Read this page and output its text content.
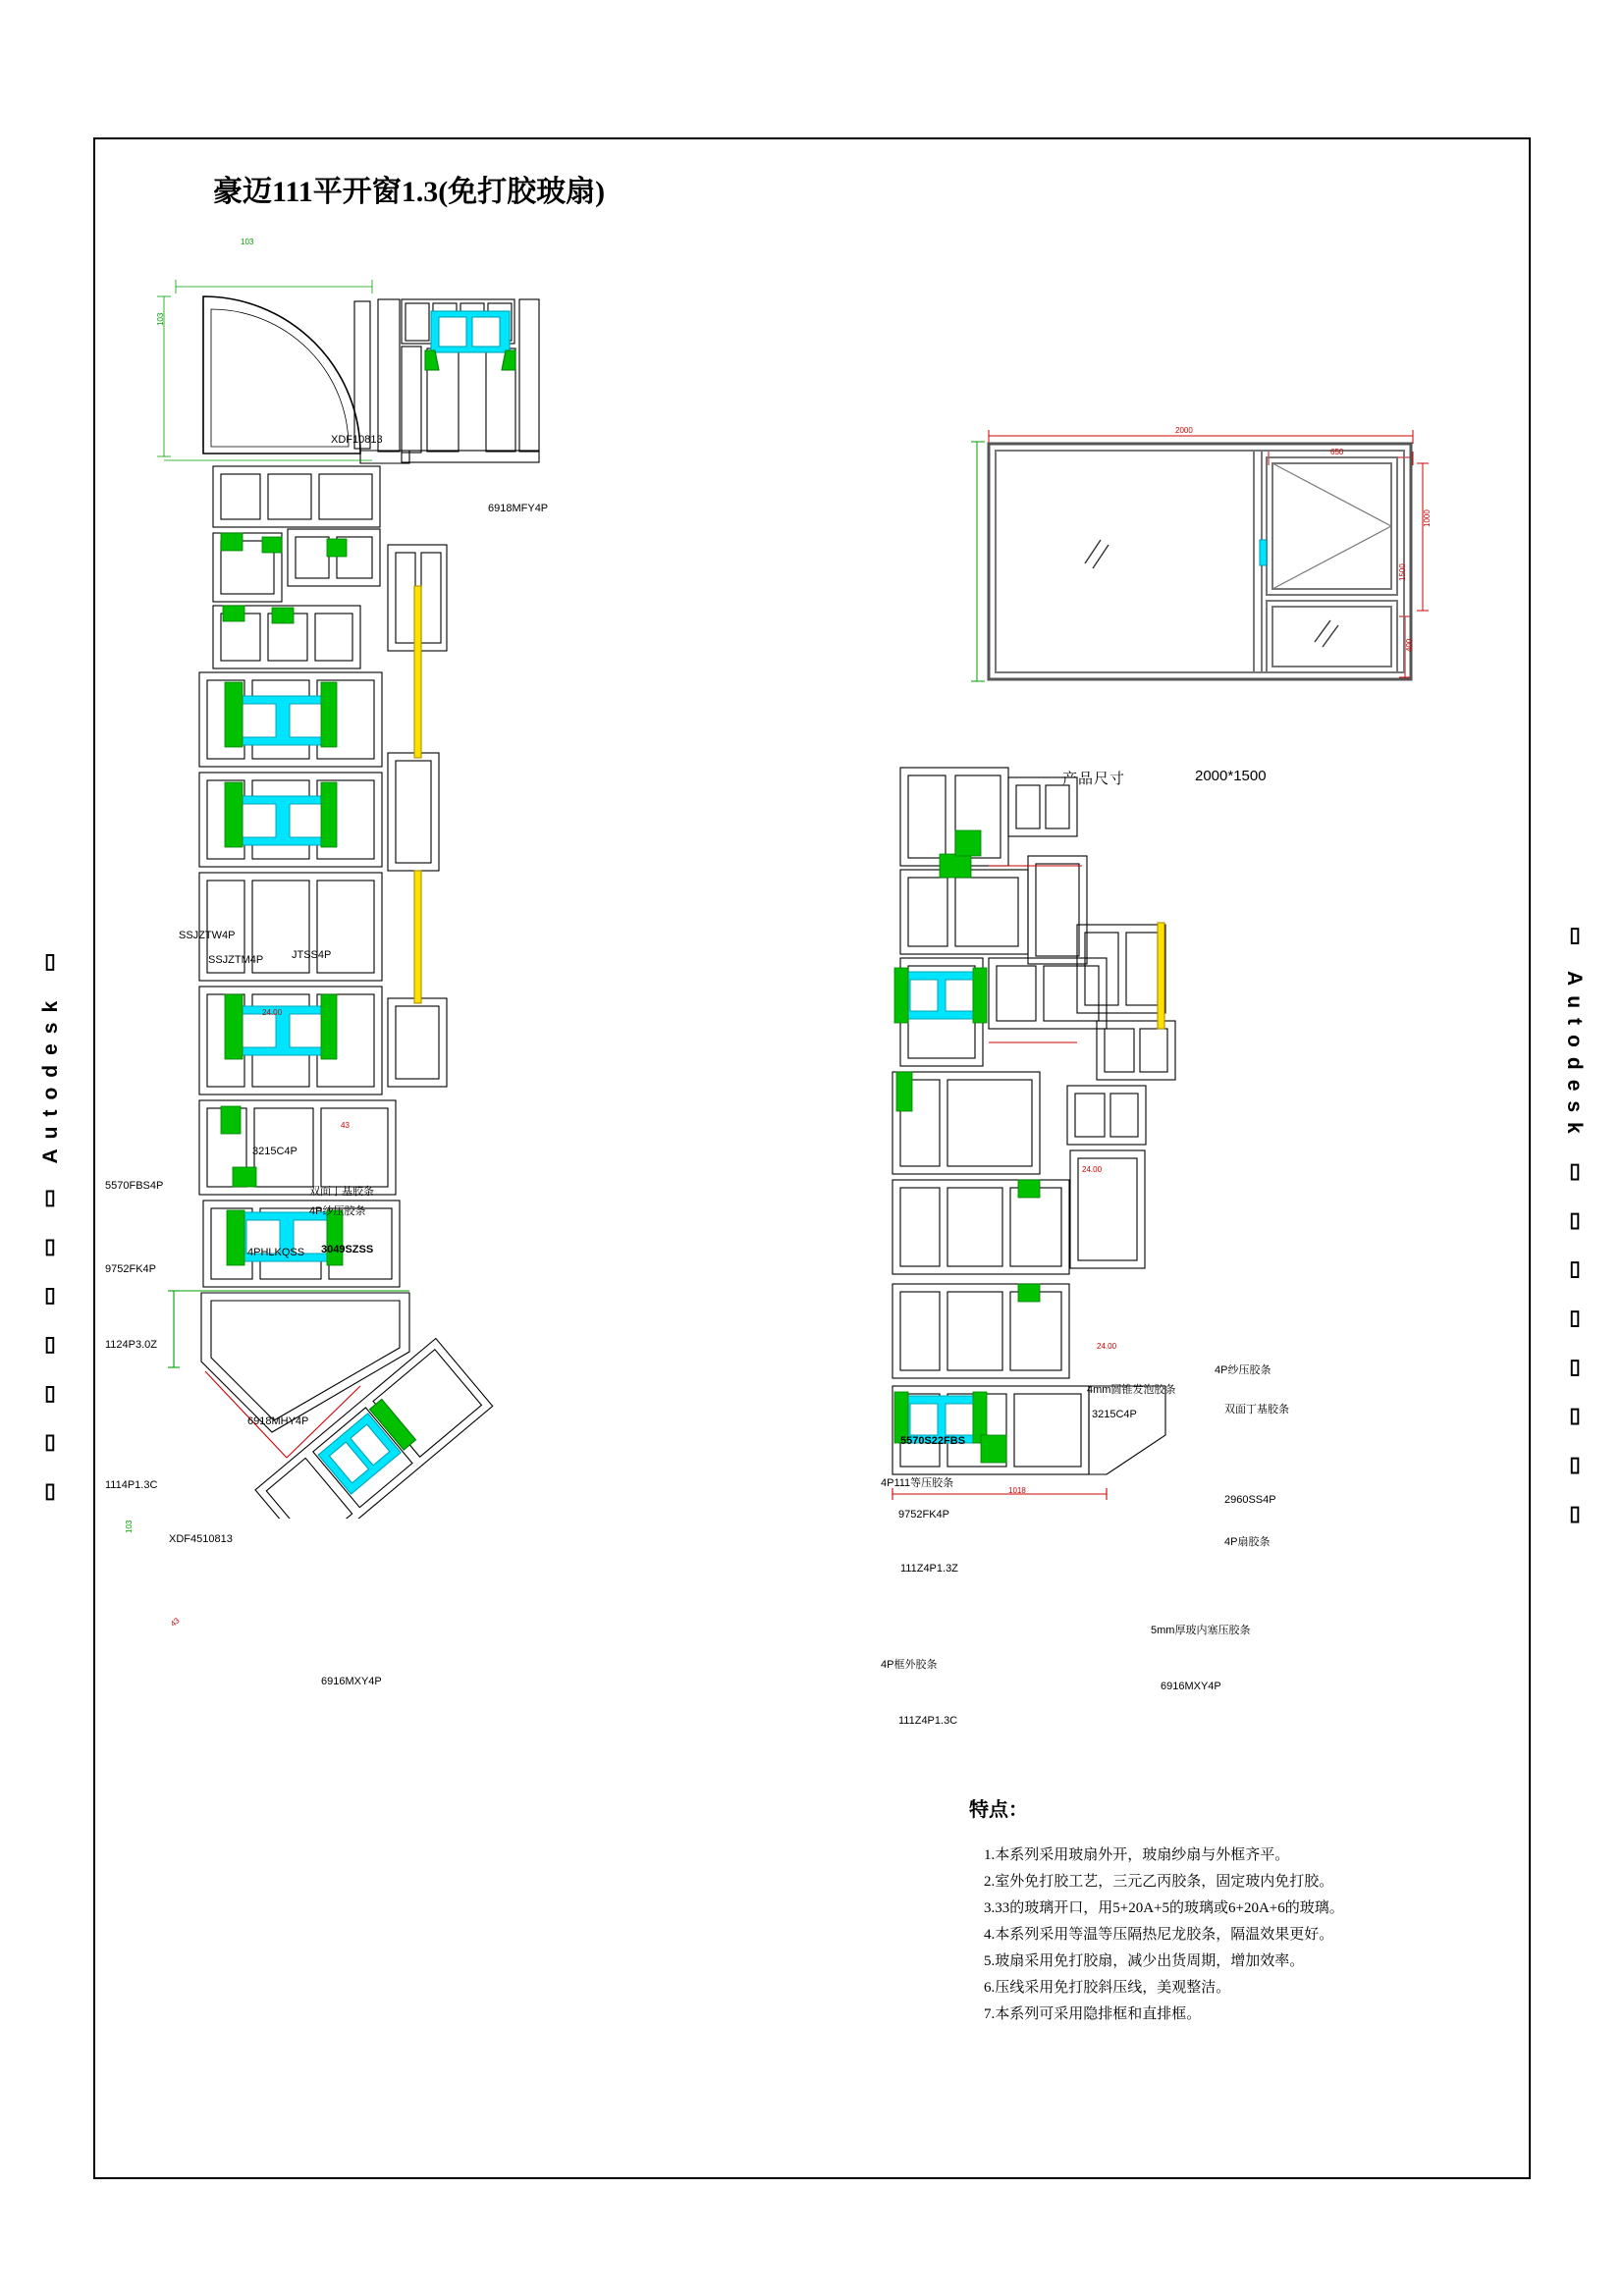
▯ ▯ ▯ ▯ ▯ ▯ ▯ Autodesk ▯	▯ Autodesk ▯ ▯ ▯ ▯ ▯ ▯ ▯ ▯
豪迈111平开窗1.3(免打胶玻扇)
2000
650
1000
400
1500
产品尺寸	2000*1500
XDF10813
6918MFY4P
SSJZTW4P
SSJZTM4P	JTSS4P
3215C4P
5570FBS4P
3049SZSS
4PHLKQSS
9752FK4P
1124P3.0Z
6918MHY4P
1114P1.3C
XDF4510813
6916MXY4P
双面丁基胶条
4P纱压胶条
103
103
24.00
43
103
43
4mm圆锥发泡胶条
3215C4P
5570S22FBS
4P纱压胶条
双面丁基胶条
4P111等压胶条
9752FK4P
2960SS4P
4P扇胶条
111Z4P1.3Z
5mm厚玻内塞压胶条
4P框外胶条
6916MXY4P
111Z4P1.3C
24.00
24.00
1018
特点：
1.本系列采用玻扇外开，玻扇纱扇与外框齐平。
2.室外免打胶工艺，三元乙丙胶条，固定玻内免打胶。
3.33的玻璃开口，用5+20A+5的玻璃或6+20A+6的玻璃。
4.本系列采用等温等压隔热尼龙胶条，隔温效果更好。
5.玻扇采用免打胶扇，减少出货周期，增加效率。
6.压线采用免打胶斜压线，美观整洁。
7.本系列可采用隐排框和直排框。
